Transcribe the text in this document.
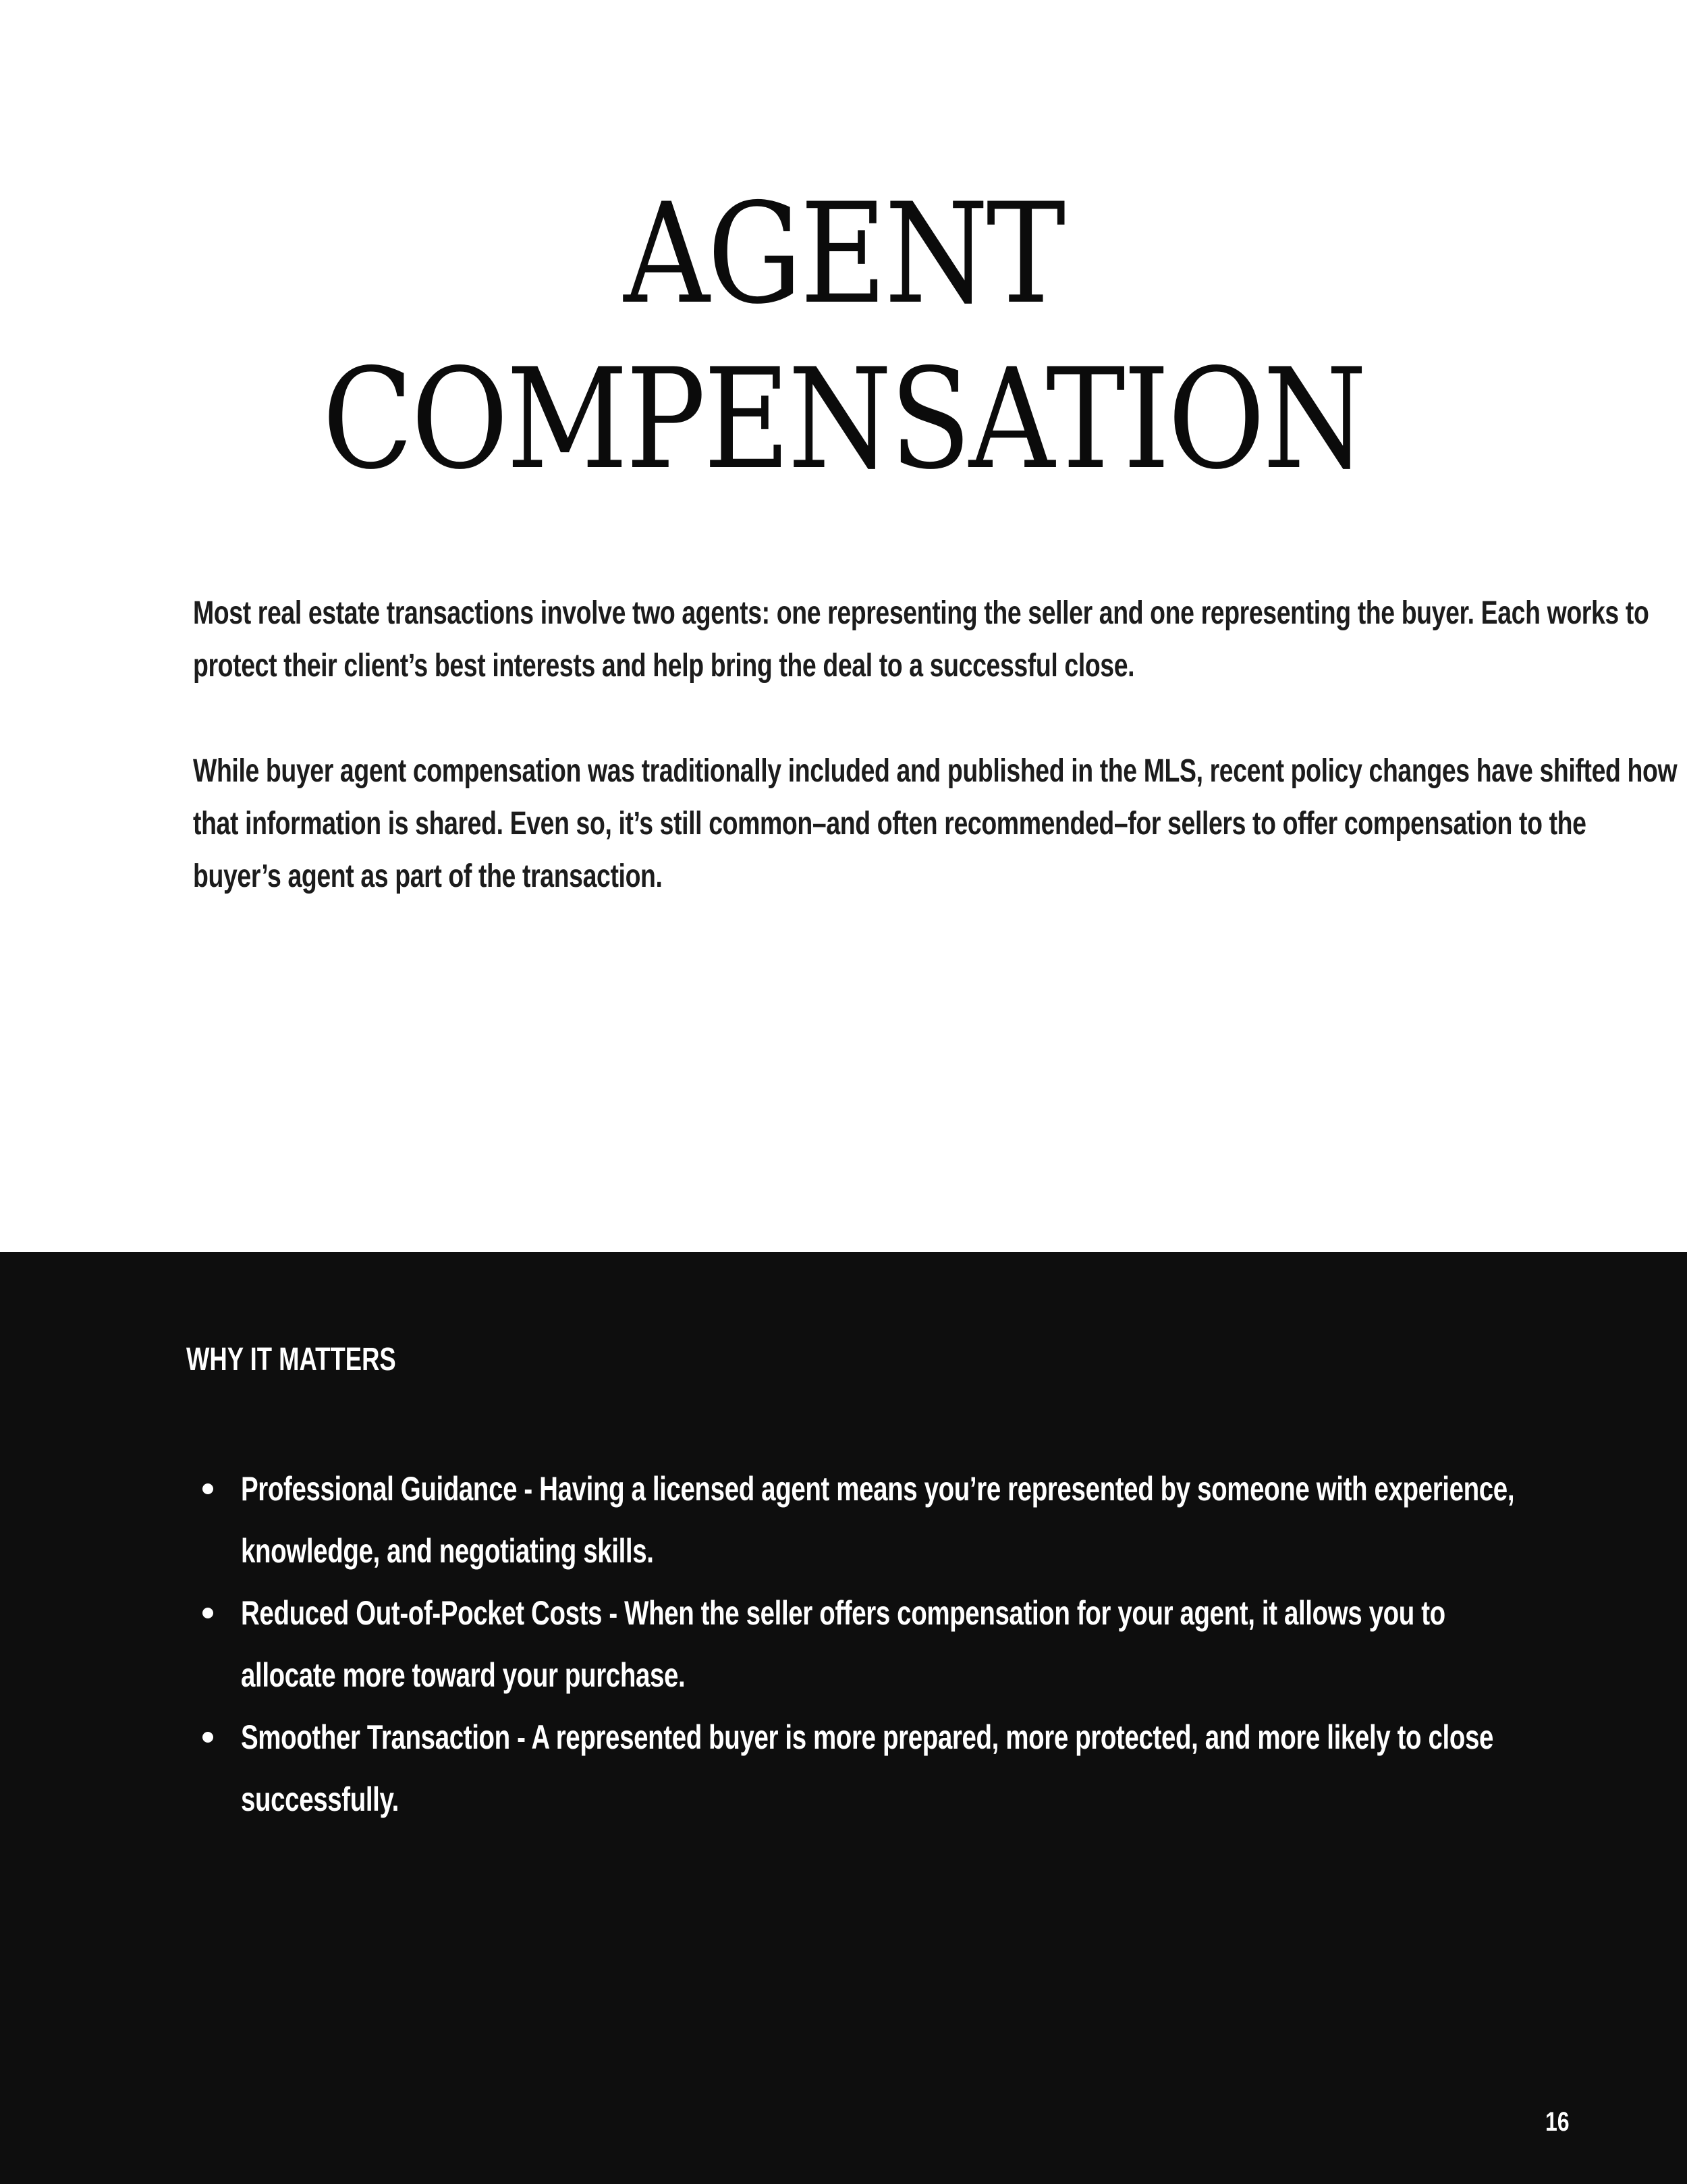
AGENT
COMPENSATION

Most real estate transactions involve two agents: one representing the seller and one representing the buyer. Each works to protect their client’s best interests and help bring the deal to a successful close.

While buyer agent compensation was traditionally included and published in the MLS, recent policy changes have shifted how that information is shared. Even so, it’s still common–and often recommended–for sellers to offer compensation to the buyer’s agent as part of the transaction.

WHY IT MATTERS
Professional Guidance - Having a licensed agent means you’re represented by someone with experience, knowledge, and negotiating skills.
Reduced Out-of-Pocket Costs - When the seller offers compensation for your agent, it allows you to allocate more toward your purchase.
Smoother Transaction - A represented buyer is more prepared, more protected, and more likely to close successfully.
16
